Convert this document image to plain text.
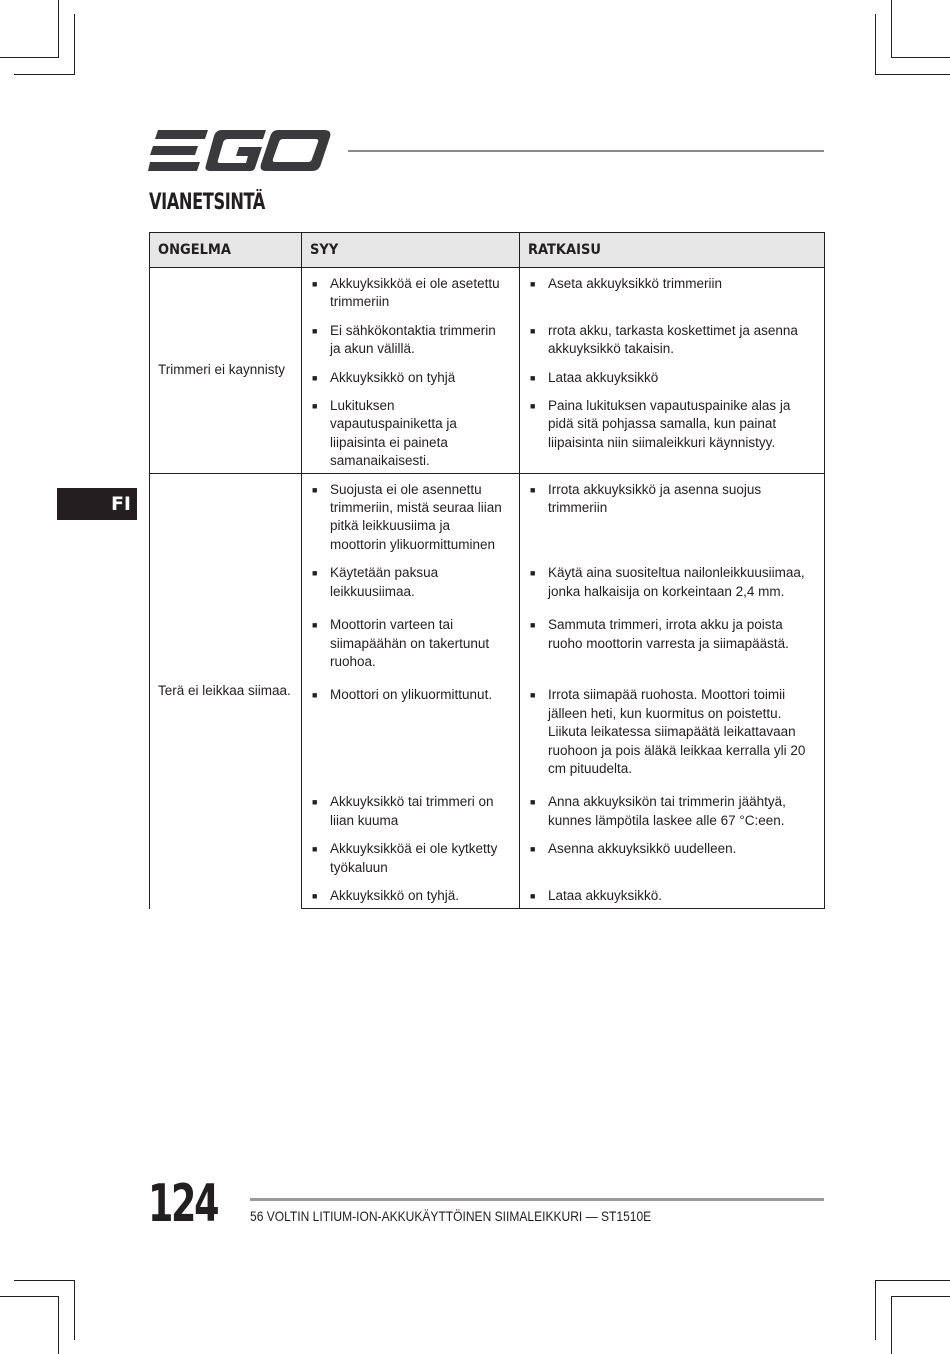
VIANETSINTÄ
FI
ONGELMA	SYY	RATKAISU
Trimmeri ei kaynnisty	■ Akkuyksikköä ei ole asetettu trimmeriin	■ Aseta akkuyksikkö trimmeriin

	■ Ei sähkökontaktia trimmerin ja akun välillä.	■ rrota akku, tarkasta koskettimet ja asenna akkuyksikkö takaisin.

	■ Akkuyksikkö on tyhjä	■ Lataa akkuyksikkö

	■ Lukituksen vapautuspainiketta ja liipaisinta ei paineta samanaikaisesti.	■ Paina lukituksen vapautuspainike alas ja pidä sitä pohjassa samalla, kun painat liipaisinta niin siimaleikkuri käynnistyy.

Terä ei leikkaa siimaa.	■ Suojusta ei ole asennettu trimmeriin, mistä seuraa liian pitkä leikkuusiima ja moottorin ylikuormittuminen	■ Irrota akkuyksikkö ja asenna suojus trimmeriin

	■ Käytetään paksua leikkuusiimaa.	■ Käytä aina suositeltua nailonleikkuusiimaa, jonka halkaisija on korkeintaan 2,4 mm.

	■ Moottorin varteen tai siimapäähän on takertunut ruohoa.	■ Sammuta trimmeri, irrota akku ja poista ruoho moottorin varresta ja siimapäästä.

	■ Moottori on ylikuormittunut.	■ Irrota siimapää ruohosta. Moottori toimii jälleen heti, kun kuormitus on poistettu. Liikuta leikatessa siimapäätä leikattavaan ruohoon ja pois äläkä leikkaa kerralla yli 20 cm pituudelta.

	■ Akkuyksikkö tai trimmeri on liian kuuma	■ Anna akkuyksikön tai trimmerin jäähtyä, kunnes lämpötila laskee alle 67 °C:een.

	■ Akkuyksikköä ei ole kytketty työkaluun	■ Asenna akkuyksikkö uudelleen.

	■ Akkuyksikkö on tyhjä.	■ Lataa akkuyksikkö.
124 56 VOLTIN LITIUM-ION-AKKUKÄYTTÖINEN SIIMALEIKKURI — ST1510E
